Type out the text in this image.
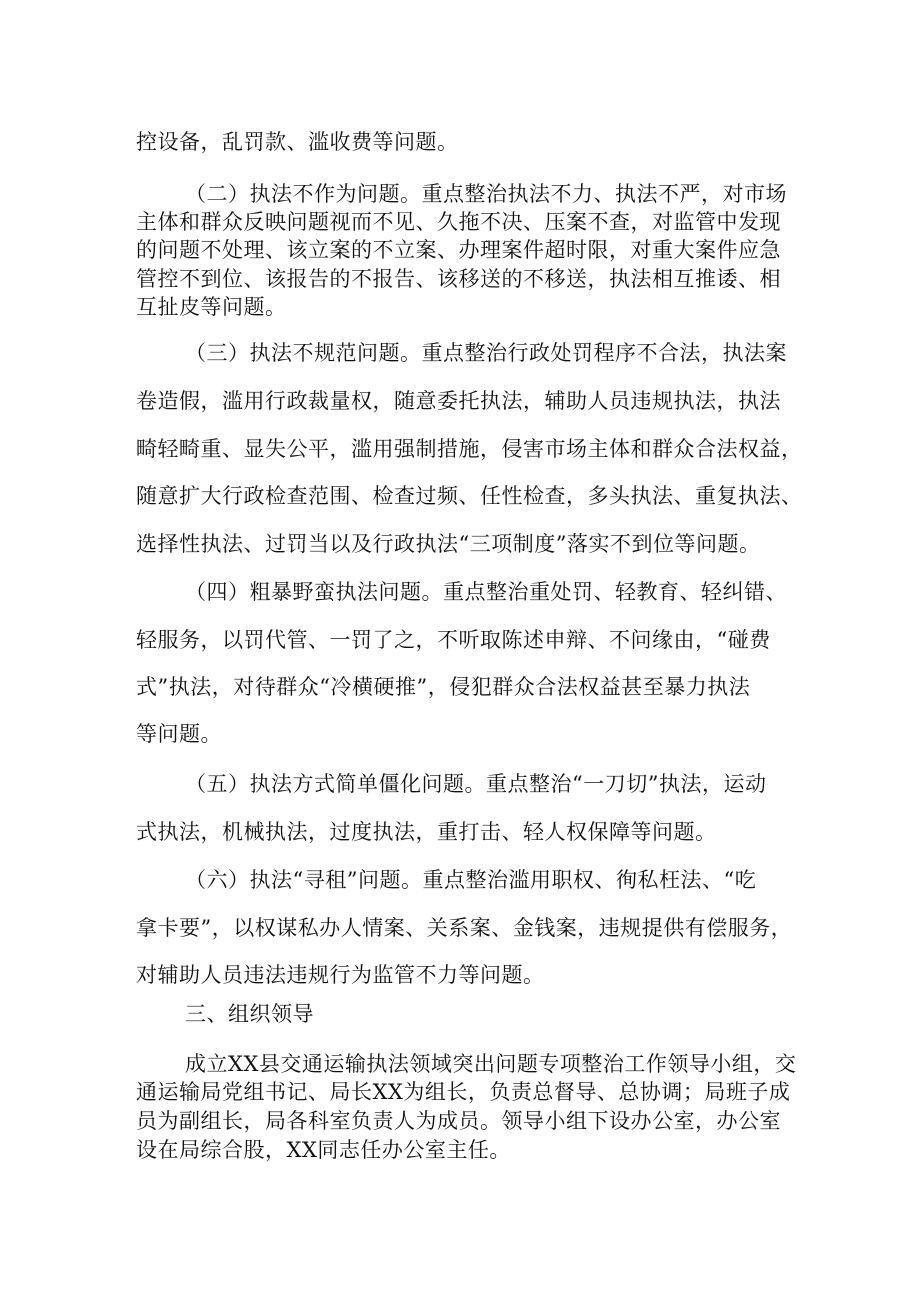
控设备，乱罚款、滥收费等问题。
（二）执法不作为问题。重点整治执法不力、执法不严，对市场
主体和群众反映问题视而不见、久拖不决、压案不查，对监管中发现
的问题不处理、该立案的不立案、办理案件超时限，对重大案件应急
管控不到位、该报告的不报告、该移送的不移送，执法相互推诿、相
互扯皮等问题。
（三）执法不规范问题。重点整治行政处罚程序不合法，执法案
卷造假，滥用行政裁量权，随意委托执法，辅助人员违规执法，执法
畸轻畸重、显失公平，滥用强制措施，侵害市场主体和群众合法权益，
随意扩大行政检查范围、检查过频、任性检查，多头执法、重复执法、
选择性执法、过罚当以及行政执法“三项制度”落实不到位等问题。
（四）粗暴野蛮执法问题。重点整治重处罚、轻教育、轻纠错、
轻服务，以罚代管、一罚了之，不听取陈述申辩、不问缘由，“碰费
式”执法，对待群众“冷横硬推”，侵犯群众合法权益甚至暴力执法
等问题。
（五）执法方式简单僵化问题。重点整治“一刀切”执法，运动
式执法，机械执法，过度执法，重打击、轻人权保障等问题。
（六）执法“寻租”问题。重点整治滥用职权、徇私枉法、“吃
拿卡要”，以权谋私办人情案、关系案、金钱案，违规提供有偿服务，
对辅助人员违法违规行为监管不力等问题。
三、组织领导
成立XX县交通运输执法领域突出问题专项整治工作领导小组，交
通运输局党组书记、局长XX为组长，负责总督导、总协调；局班子成
员为副组长，局各科室负责人为成员。领导小组下设办公室，办公室
设在局综合股，XX同志任办公室主任。
